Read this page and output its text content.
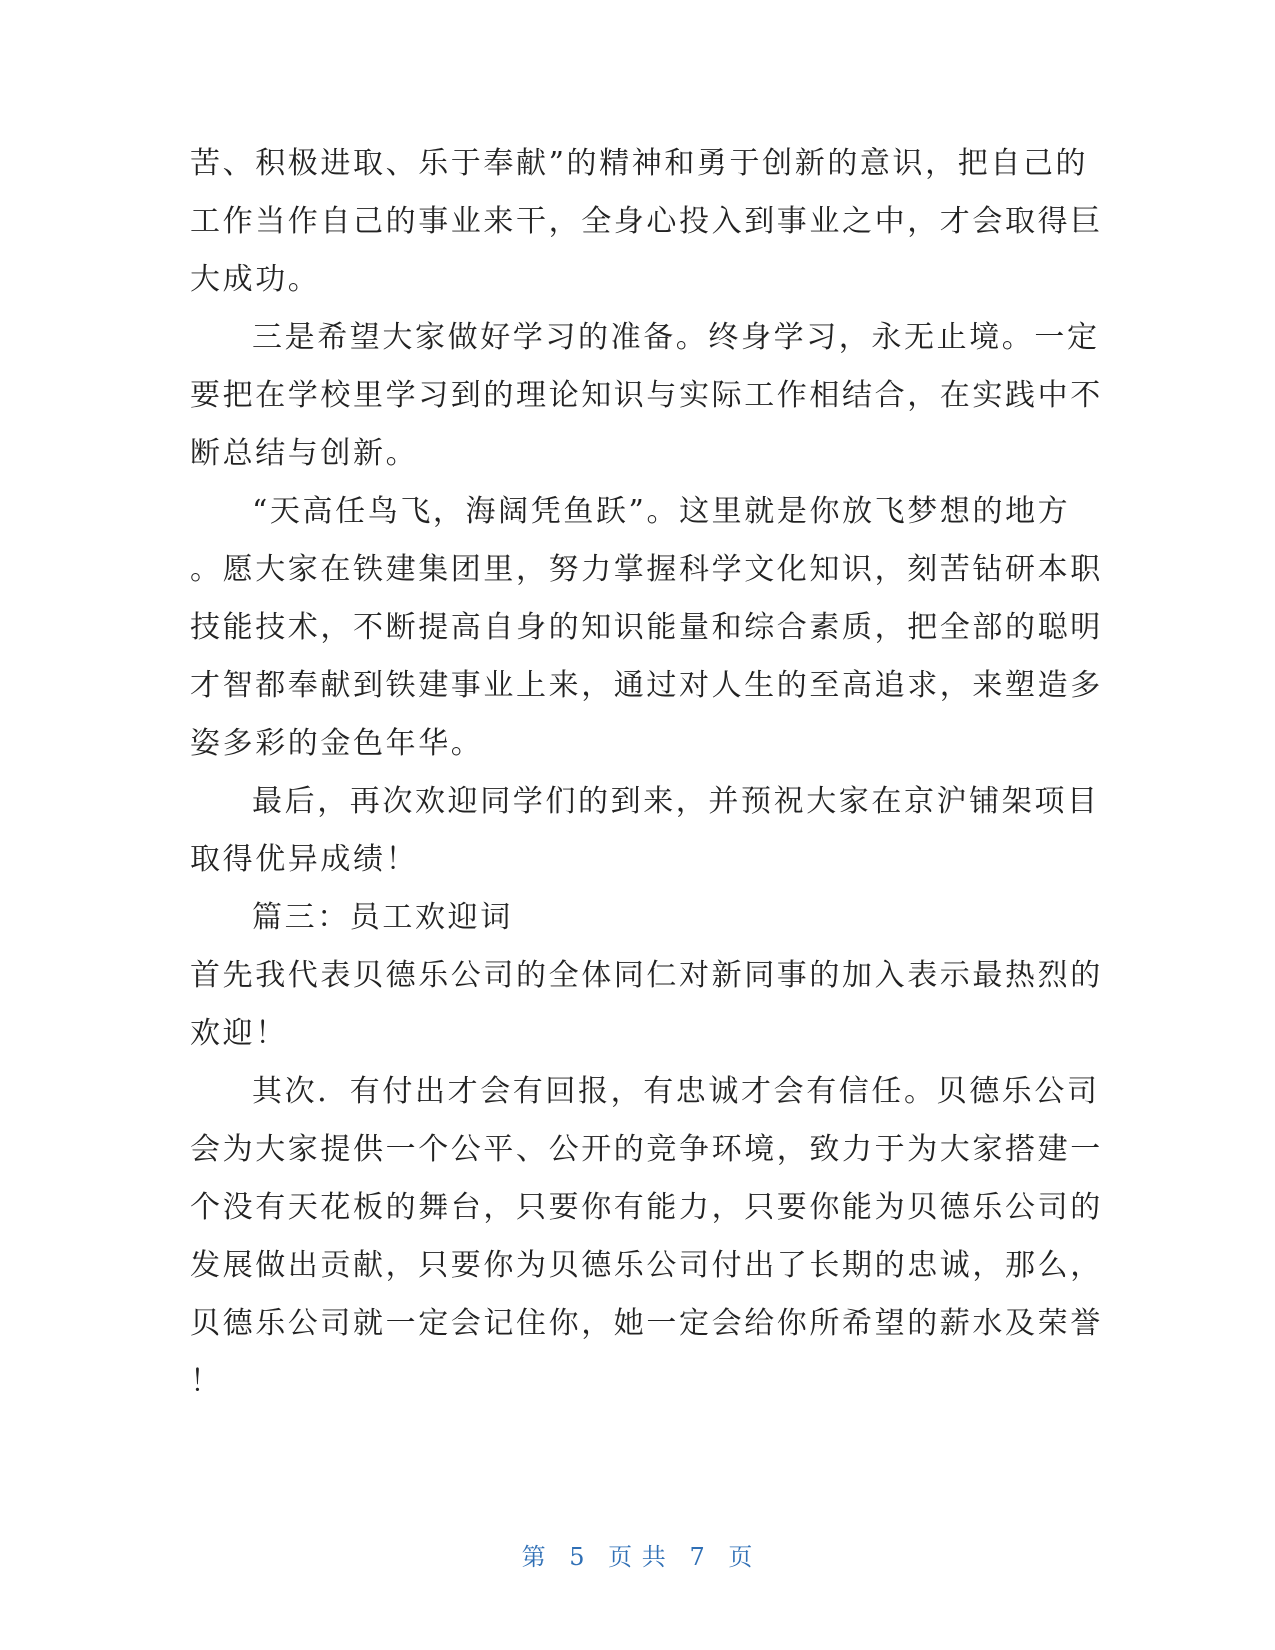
苦、积极进取、乐于奉献”的精神和勇于创新的意识，把自己的
工作当作自己的事业来干，全身心投入到事业之中，才会取得巨
大成功。
三是希望大家做好学习的准备。终身学习，永无止境。一定
要把在学校里学习到的理论知识与实际工作相结合，在实践中不
断总结与创新。
“天高任鸟飞，海阔凭鱼跃”。这里就是你放飞梦想的地方
。愿大家在铁建集团里，努力掌握科学文化知识，刻苦钻研本职
技能技术，不断提高自身的知识能量和综合素质，把全部的聪明
才智都奉献到铁建事业上来，通过对人生的至高追求，来塑造多
姿多彩的金色年华。
最后，再次欢迎同学们的到来，并预祝大家在京沪铺架项目
取得优异成绩！
篇三：员工欢迎词
首先我代表贝德乐公司的全体同仁对新同事的加入表示最热烈的
欢迎！
其次．有付出才会有回报，有忠诚才会有信任。贝德乐公司
会为大家提供一个公平、公开的竞争环境，致力于为大家搭建一
个没有天花板的舞台，只要你有能力，只要你能为贝德乐公司的
发展做出贡献，只要你为贝德乐公司付出了长期的忠诚，那么，
贝德乐公司就一定会记住你，她一定会给你所希望的薪水及荣誉
！
第 5 页 共 7 页
